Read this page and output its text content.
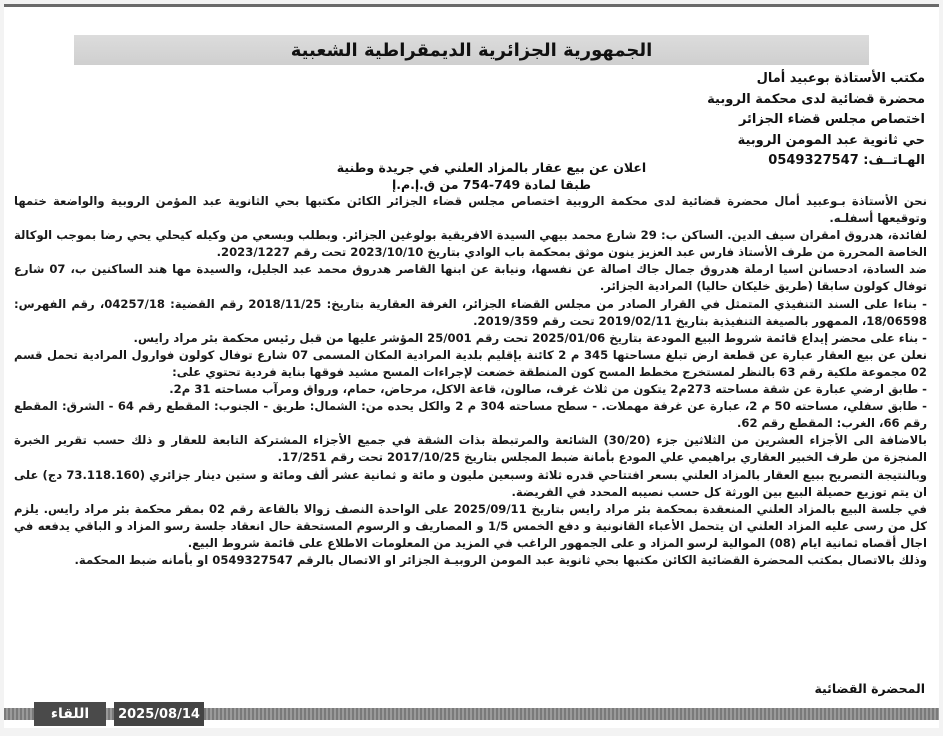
الجمهورية الجزائرية الديمقراطية الشعبية
مكتب الأستاذة بوعبيد أمال
محضرة قضائية لدى محكمة الروبية
اختصاص مجلس قضاء الجزائر
حي ثانوية عبد المومن الروبية
الهـاتــف: 0549327547
اعلان عن بيع عقار بالمزاد العلني في جريدة وطنية
طبقا لمادة 749-754 من ق.إ.م.إ

نحن الأستاذة بـوعبيد أمال محضرة قضائية لدى محكمة الروبية اختصاص مجلس قضاء الجزائر الكائن مكتبها بحي الثانوية عبد المؤمن الروبية والواضعة ختمها وتوقيعها أسفلـه.

لفائدة، هدروق امقران سيف الدين. الساكن ب: 29 شارع محمد بيهي السيدة الافريقية بولوغين الجزائر. وبطلب وبسعي من وكيله كيحلي يحي رضا بموجب الوكالة الخاصة المحررة من طرف الأستاذ فارس عبد العزيز ينون موثق بمحكمة باب الوادي بتاريخ 2023/10/10 تحت رقم 2023/1227.

ضد السادة، ادحسانن اسيا ارملة هدروق جمال جاك اصالة عن نفسها، ونيابة عن ابنها القاصر هدروق محمد عبد الجليل، والسيدة مها هند الساكنين ب، 07 شارع توفال كولون سابقا (طريق خليكان حاليا) المرادية الجزائر.

- بناءا على السند التنفيذي المتمثل في القرار الصادر من مجلس القضاء الجزائر، الغرفة العقارية بتاريخ: 2018/11/25 رقم القضية: 04257/18، رقم الفهرس: 18/06598، الممهور بالصيغة التنفيذية بتاريخ 2019/02/11 تحت رقم 2019/359.

- بناء على محضر إيداع قائمة شروط البيع المودعة بتاريخ 2025/01/06 تحت رقم 25/001 المؤشر عليها من قبل رئيس محكمة بئر مراد رايس.

نعلن عن بيع العقار عبارة عن قطعة ارض تبلغ مساحتها 345 م 2 كائنة بإقليم بلدية المرادية المكان المسمى 07 شارع توفال كولون فوارول المرادية تحمل قسم 02 مجموعة ملكية رقم 63 بالنظر لمستخرج مخطط المسح كون المنطقة خضعت لإجراءات المسح مشيد فوقها بناية فردية تحتوي على:

- طابق ارضي عبارة عن شقة مساحته 273م2 يتكون من ثلاث غرف، صالون، قاعة الاكل، مرحاض، حمام، ورواق ومرآب مساحته 31 م2.

- طابق سفلي، مساحته 50 م 2، عبارة عن غرفة مهملات. - سطح مساحته 304 م 2 والكل يحده من: الشمال: طريق - الجنوب: المقطع رقم 64 - الشرق: المقطع رقم 66، الغرب: المقطع رقم 62.

بالاضافة الى الأجزاء العشرين من الثلاثين جزء (30/20) الشائعة والمرتبطة بذات الشقة في جميع الأجزاء المشتركة التابعة للعقار و ذلك حسب تقرير الخبرة المنجزة من طرف الخبير العقاري براهيمي علي المودع بأمانة ضبط المجلس بتاريخ 2017/10/25 تحت رقم 17/251.

وبالنتيجة التصريح ببيع العقار بالمزاد العلني بسعر افتتاحي قدره ثلاثة وسبعين مليون و مائة و ثمانية عشر ألف ومائة و ستين دينار جزائري (73.118.160 دج) على ان يتم توزيع حصيلة البيع بين الورثة كل حسب نصيبه المحدد في الفريضة.

في جلسة البيع بالمزاد العلني المنعقدة بمحكمة بئر مراد رايس بتاريخ 2025/09/11 على الواحدة النصف زوالا بالقاعة رقم 02 بمقر محكمة بئر مراد رايس. يلزم كل من رسى عليه المزاد العلني ان يتحمل الأعباء القانونية و دفع الخمس 1/5 و المصاريف و الرسوم المستحقة حال انعقاد جلسة رسو المزاد و الباقي يدفعه في اجال أقصاه ثمانية ايام (08) الموالية لرسو المزاد و على الجمهور الراغب في المزيد من المعلومات الاطلاع على قائمة شروط البيع.

وذلك بالاتصال بمكتب المحضرة القضائية الكائن مكتبها بحي ثانوية عبد المومن الروبيـة الجزائر او الاتصال بالرقم 0549327547 او بأمانه ضبط المحكمة.

المحضرة القضائية
2025/08/14
اللقاء
